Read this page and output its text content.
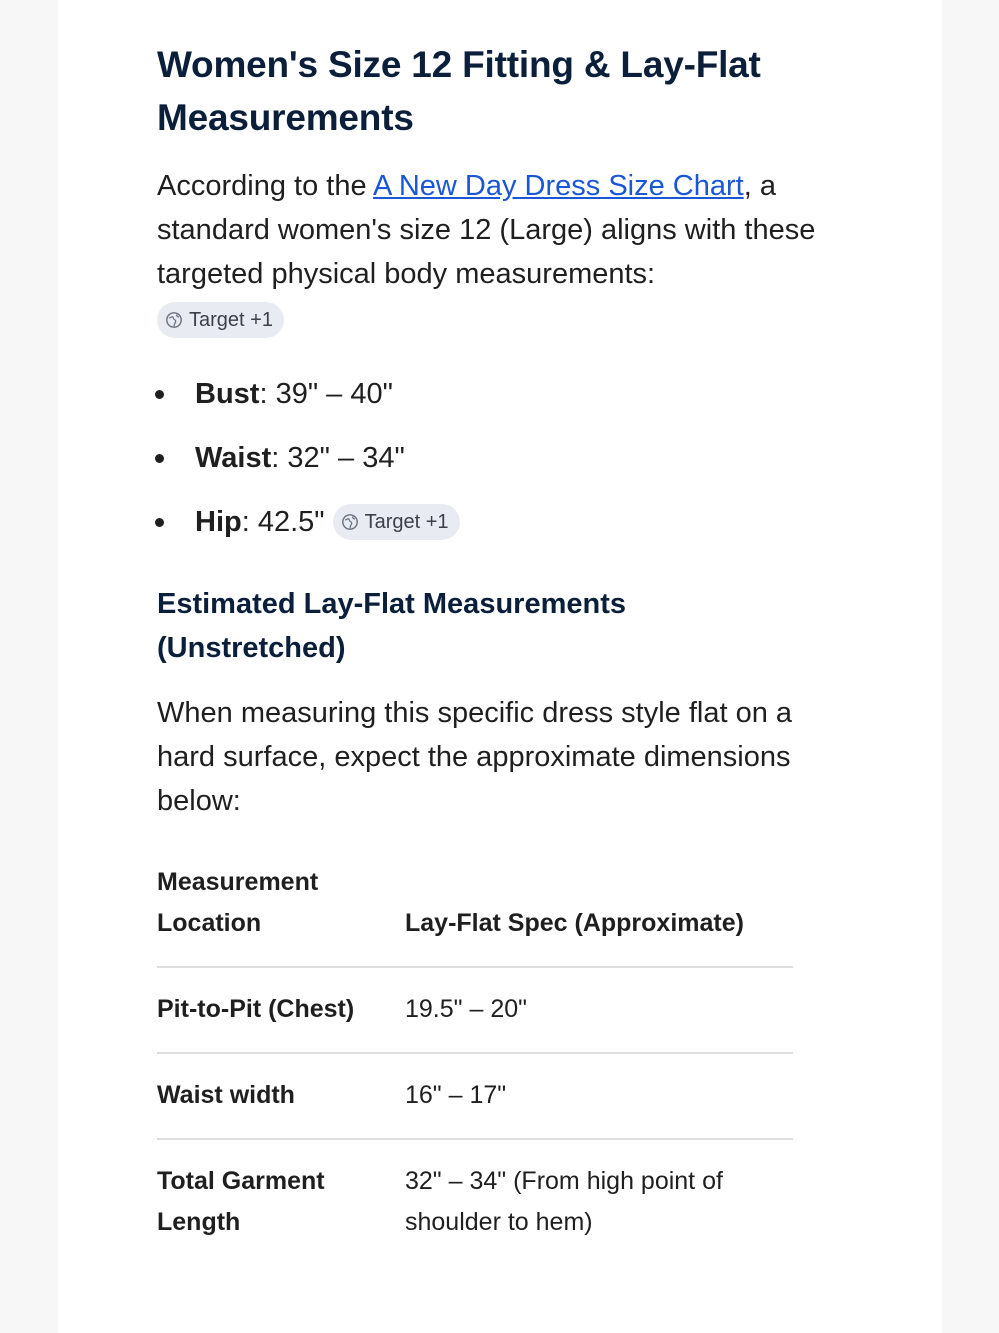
Women's Size 12 Fitting & Lay-Flat Measurements

According to the A New Day Dress Size Chart, a standard women's size 12 (Large) aligns with these targeted physical body measurements:

Target +1
Bust : 39" – 40"
Waist : 32" – 34"
Hip : 42.5" Target +1
Estimated Lay-Flat Measurements (Unstretched)

When measuring this specific dress style flat on a hard surface, expect the approximate dimensions below:

Measurement Location	Lay-Flat Spec (Approximate)
Pit-to-Pit (Chest)	19.5" – 20"
Waist width	16" – 17"
Total Garment Length	32" – 34" (From high point of shoulder to hem)
